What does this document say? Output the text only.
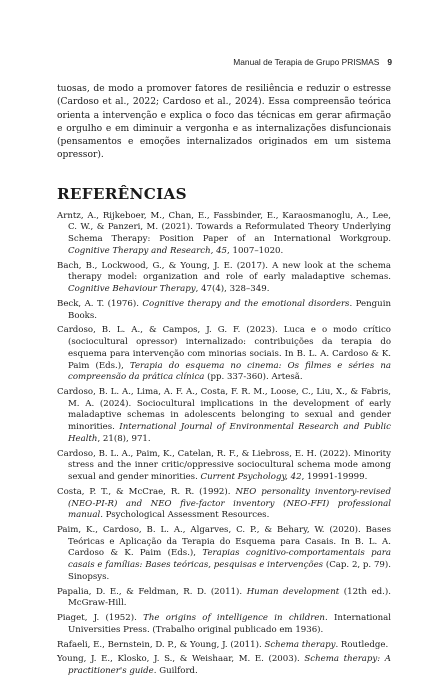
Manual de Terapia de Grupo PRISMAS 9

tuosas, de modo a promover fatores de resiliência e reduzir o estresse (Cardoso et al., 2022; Cardoso et al., 2024). Essa compreensão teórica orienta a intervenção e explica o foco das técnicas em gerar afirmação e orgulho e em diminuir a vergonha e as internalizações disfuncionais (pensamentos e emoções internalizados originados em um sistema opressor).

REFERÊNCIAS
Arntz, A., Rijkeboer, M., Chan, E., Fassbinder, E., Karaosmanoglu, A., Lee, C. W., & Panzeri, M. (2021). Towards a Reformulated Theory Underlying Schema Therapy: Position Paper of an International Workgroup. Cognitive Therapy and Research, 45, 1007–1020.
Bach, B., Lockwood, G., & Young, J. E. (2017). A new look at the schema therapy model: organization and role of early maladaptive schemas. Cognitive Behaviour Therapy, 47(4), 328–349.
Beck, A. T. (1976). Cognitive therapy and the emotional disorders. Penguin Books.
Cardoso, B. L. A., & Campos, J. G. F. (2023). Luca e o modo crítico (sociocultural opressor) internalizado: contribuições da terapia do esquema para intervenção com minorias sociais. In B. L. A. Cardoso & K. Paim (Eds.), Terapia do esquema no cinema: Os filmes e séries na compreensão da prática clínica (pp. 337-360). Artesã.
Cardoso, B. L. A., Lima, A. F. A., Costa, F. R. M., Loose, C., Liu, X., & Fabris, M. A. (2024). Sociocultural implications in the development of early maladaptive schemas in adolescents belonging to sexual and gender minorities. International Journal of Environmental Research and Public Health, 21(8), 971.
Cardoso, B. L. A., Paim, K., Catelan, R. F., & Liebross, E. H. (2022). Minority stress and the inner critic/oppressive sociocultural schema mode among sexual and gender minorities. Current Psychology, 42, 19991-19999.
Costa, P. T., & McCrae, R. R. (1992). NEO personality inventory-revised (NEO-PI-R) and NEO five-factor inventory (NEO-FFI) professional manual. Psychological Assessment Resources.
Paim, K., Cardoso, B. L. A., Algarves, C. P., & Behary, W. (2020). Bases Teóricas e Aplicação da Terapia do Esquema para Casais. In B. L. A. Cardoso & K. Paim (Eds.), Terapias cognitivo-comportamentais para casais e famílias: Bases teóricas, pesquisas e intervenções (Cap. 2, p. 79). Sinopsys.
Papalia, D. E., & Feldman, R. D. (2011). Human development (12th ed.). McGraw-Hill.
Piaget, J. (1952). The origins of intelligence in children. International Universities Press. (Trabalho original publicado em 1936).
Rafaeli, E., Bernstein, D. P., & Young, J. (2011). Schema therapy. Routledge.
Young, J. E., Klosko, J. S., & Weishaar, M. E. (2003). Schema therapy: A practitioner's guide. Guilford.
